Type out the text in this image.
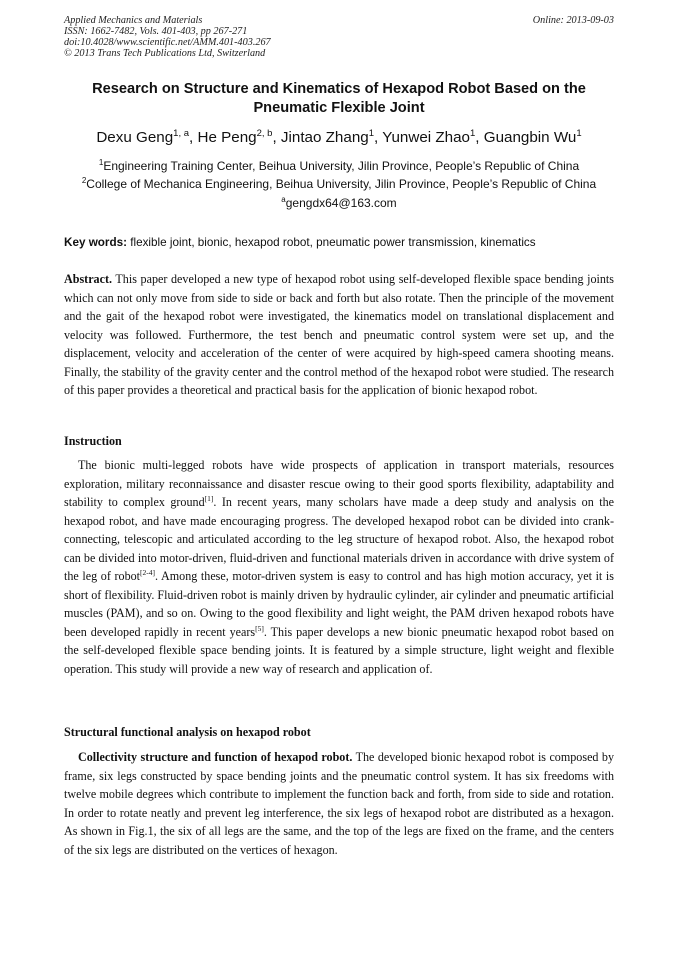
Applied Mechanics and Materials
ISSN: 1662-7482, Vols. 401-403, pp 267-271
doi:10.4028/www.scientific.net/AMM.401-403.267
© 2013 Trans Tech Publications Ltd, Switzerland
Online: 2013-09-03
Research on Structure and Kinematics of Hexapod Robot Based on the Pneumatic Flexible Joint
Dexu Geng$^{1, a}$, He Peng$^{2, b}$, Jintao Zhang$^1$, Yunwei Zhao$^1$, Guangbin Wu$^1$
$^1$Engineering Training Center, Beihua University, Jilin Province, People’s Republic of China
$^2$College of Mechanica Engineering, Beihua University, Jilin Province, People’s Republic of China
$^a$gengdx64@163.com
Key words: flexible joint, bionic, hexapod robot, pneumatic power transmission, kinematics

Abstract. This paper developed a new type of hexapod robot using self-developed flexible space bending joints which can not only move from side to side or back and forth but also rotate. Then the principle of the movement and the gait of the hexapod robot were investigated, the kinematics model on translational displacement and velocity was followed. Furthermore, the test bench and pneumatic control system were set up, and the displacement, velocity and acceleration of the center of were acquired by high-speed camera shooting means. Finally, the stability of the gravity center and the control method of the hexapod robot were studied. The research of this paper provides a theoretical and practical basis for the application of bionic hexapod robot.

Instruction

The bionic multi-legged robots have wide prospects of application in transport materials, resources exploration, military reconnaissance and disaster rescue owing to their good sports flexibility, adaptability and stability to complex ground[1]. In recent years, many scholars have made a deep study and analysis on the hexapod robot, and have made encouraging progress. The developed hexapod robot can be divided into crank-connecting, telescopic and articulated according to the leg structure of hexapod robot. Also, the hexapod robot can be divided into motor-driven, fluid-driven and functional materials driven in accordance with drive system of the leg of robot[2-4]. Among these, motor-driven system is easy to control and has high motion accuracy, yet it is short of flexibility. Fluid-driven robot is mainly driven by hydraulic cylinder, air cylinder and pneumatic artificial muscles (PAM), and so on. Owing to the good flexibility and light weight, the PAM driven hexapod robots have been developed rapidly in recent years[5]. This paper develops a new bionic pneumatic hexapod robot based on the self-developed flexible space bending joints. It is featured by a simple structure, light weight and flexible operation. This study will provide a new way of research and application of.

Structural functional analysis on hexapod robot

Collectivity structure and function of hexapod robot. The developed bionic hexapod robot is composed by frame, six legs constructed by space bending joints and the pneumatic control system. It has six freedoms with twelve mobile degrees which contribute to implement the function back and forth, from side to side and rotation. In order to rotate neatly and prevent leg interference, the six legs of hexapod robot are distributed as a hexagon. As shown in Fig.1, the six of all legs are the same, and the top of the legs are fixed on the frame, and the centers of the six legs are distributed on the vertices of hexagon.
